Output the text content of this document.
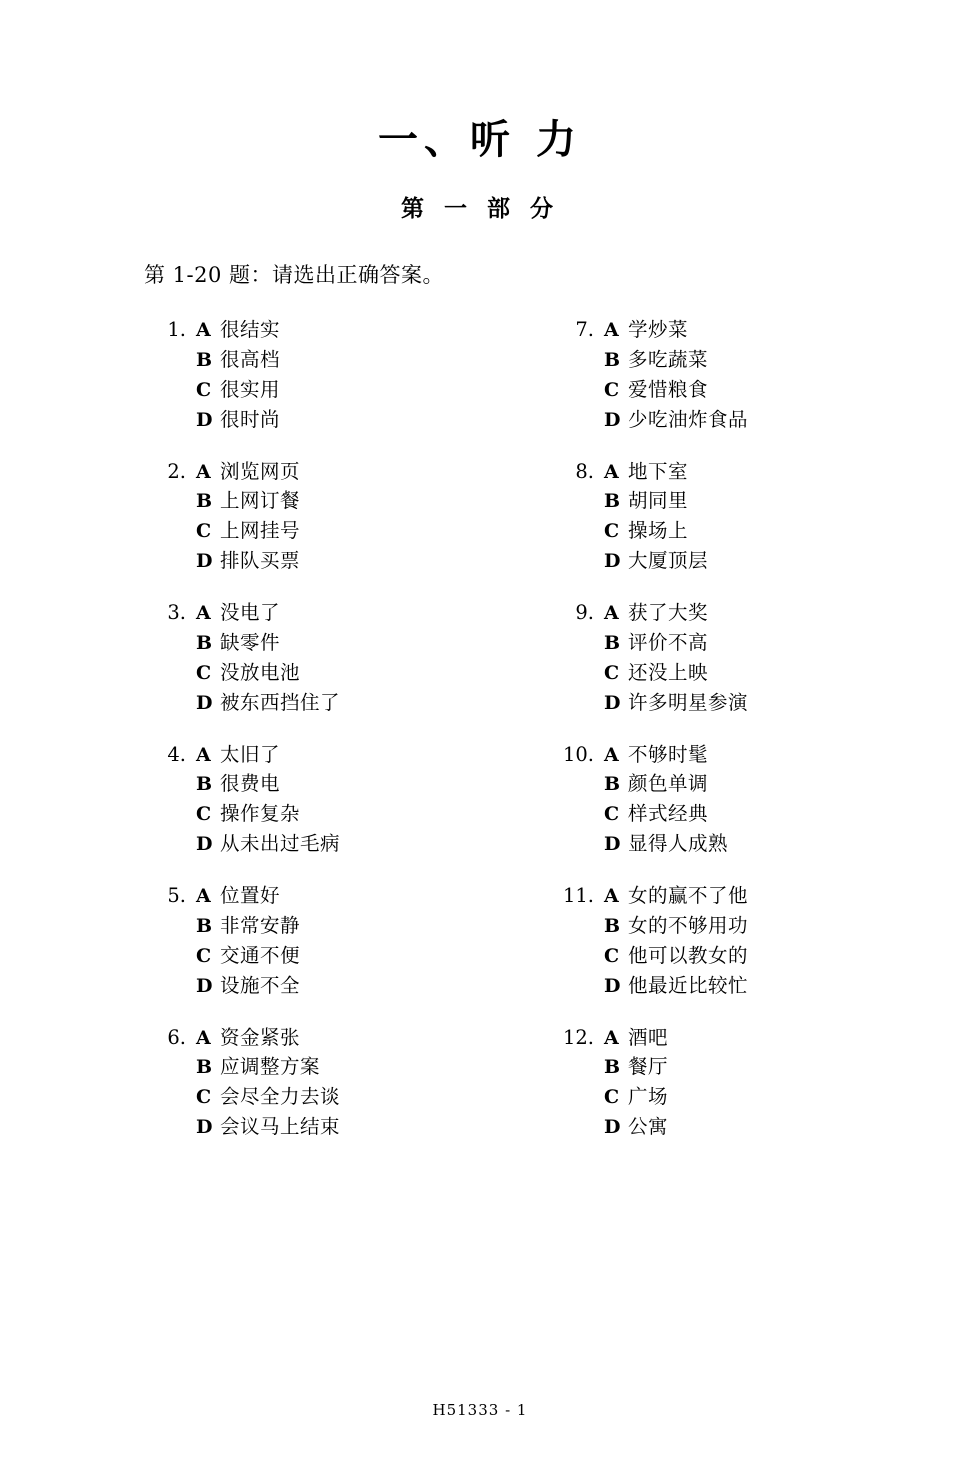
一、听 力
第 一 部 分
第 1-20 题：请选出正确答案。
1. A 很结实
B 很高档
C 很实用
D 很时尚
2. A 浏览网页
B 上网订餐
C 上网挂号
D 排队买票
3. A 没电了
B 缺零件
C 没放电池
D 被东西挡住了
4. A 太旧了
B 很费电
C 操作复杂
D 从未出过毛病
5. A 位置好
B 非常安静
C 交通不便
D 设施不全
6. A 资金紧张
B 应调整方案
C 会尽全力去谈
D 会议马上结束
7. A 学炒菜
B 多吃蔬菜
C 爱惜粮食
D 少吃油炸食品
8. A 地下室
B 胡同里
C 操场上
D 大厦顶层
9. A 获了大奖
B 评价不高
C 还没上映
D 许多明星参演
10. A 不够时髦
B 颜色单调
C 样式经典
D 显得人成熟
11. A 女的赢不了他
B 女的不够用功
C 他可以教女的
D 他最近比较忙
12. A 酒吧
B 餐厅
C 广场
D 公寓
H51333 - 1
